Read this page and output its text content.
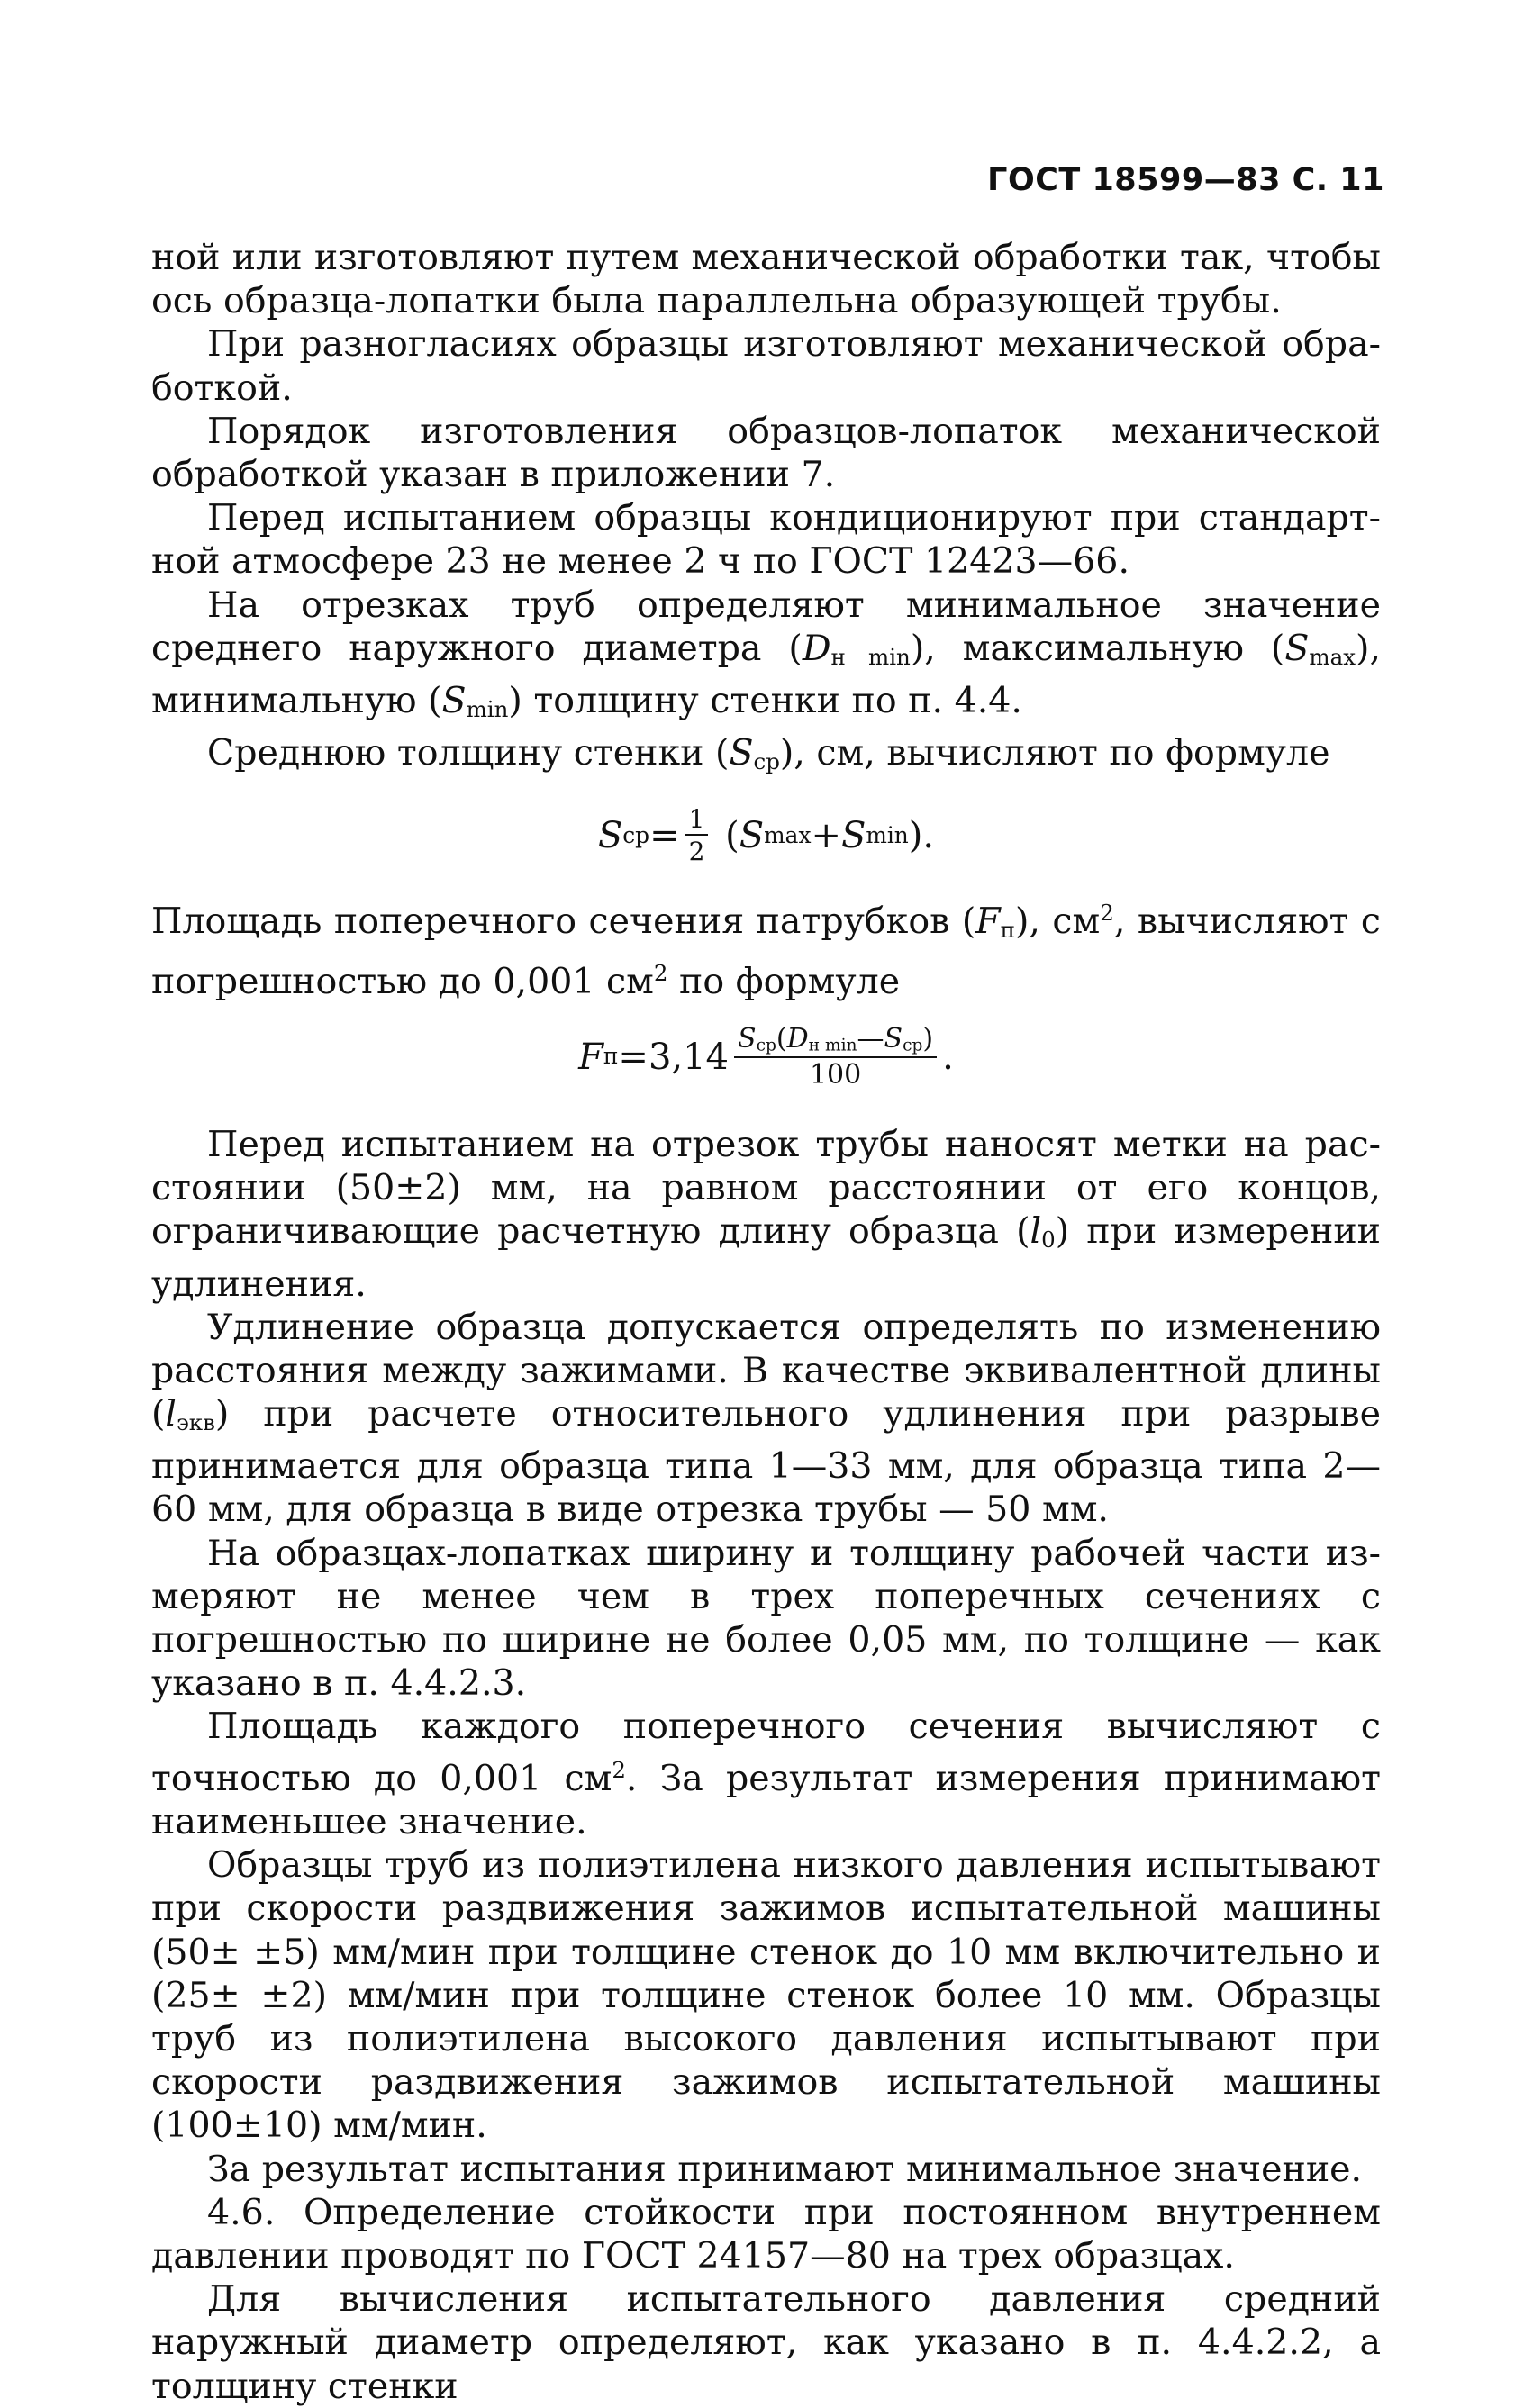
ГОСТ 18599—83 С. 11

ной или изготовляют путем механической обработки так, чтобы ось образца-лопатки была параллельна образующей трубы.

При разногласиях образцы изготовляют механической обработкой.

Порядок изготовления образцов-лопаток механической обработкой указан в приложении 7.

Перед испытанием образцы кондиционируют при стандартной атмосфере 23 не менее 2 ч по ГОСТ 12423—66.

На отрезках труб определяют минимальное значение среднего наружного диаметра $(D_{н min})$, максимальную $(S_{max})$, минимальную $(S_{min})$ толщину стенки по п. 4.4.

Среднюю толщину стенки $(S_{ср})$, см, вычисляют по формуле

S ср = $\frac{1}{2}$
( S max + S min ).

Площадь поперечного сечения патрубков $(F_п)$, $см^2$, вычисляют с погрешностью до 0,001 $см^2$ по формуле

F $п =3,14 \frac{S_{ср}(D_{н min}—S_{ср})}{100}$ .

Перед испытанием на отрезок трубы наносят метки на расстоянии (50±2) мм, на равном расстоянии от его концов, ограничивающие расчетную длину образца $(l_0)$ при измерении удлинения.

Удлинение образца допускается определять по изменению расстояния между зажимами. В качестве эквивалентной длины $(l_{экв})$ при расчете относительного удлинения при разрыве принимается для образца типа 1—33 мм, для образца типа 2—60 мм, для образца в виде отрезка трубы — 50 мм.

На образцах-лопатках ширину и толщину рабочей части измеряют не менее чем в трех поперечных сечениях с погрешностью по ширине не более 0,05 мм, по толщине — как указано в п. 4.4.2.3.

Площадь каждого поперечного сечения вычисляют с точностью до 0,001 $см^2$. За результат измерения принимают наименьшее значение.

Образцы труб из полиэтилена низкого давления испытывают при скорости раздвижения зажимов испытательной машины (50± ±5) мм/мин при толщине стенок до 10 мм включительно и (25± ±2) мм/мин при толщине стенок более 10 мм. Образцы труб из полиэтилена высокого давления испытывают при скорости раздвижения зажимов испытательной машины (100±10) мм/мин.

За результат испытания принимают минимальное значение.

4.6. Определение стойкости при постоянном внутреннем давлении проводят по ГОСТ 24157—80 на трех образцах.

Для вычисления испытательного давления средний наружный диаметр определяют, как указано в п. 4.4.2.2, а толщину стенки
